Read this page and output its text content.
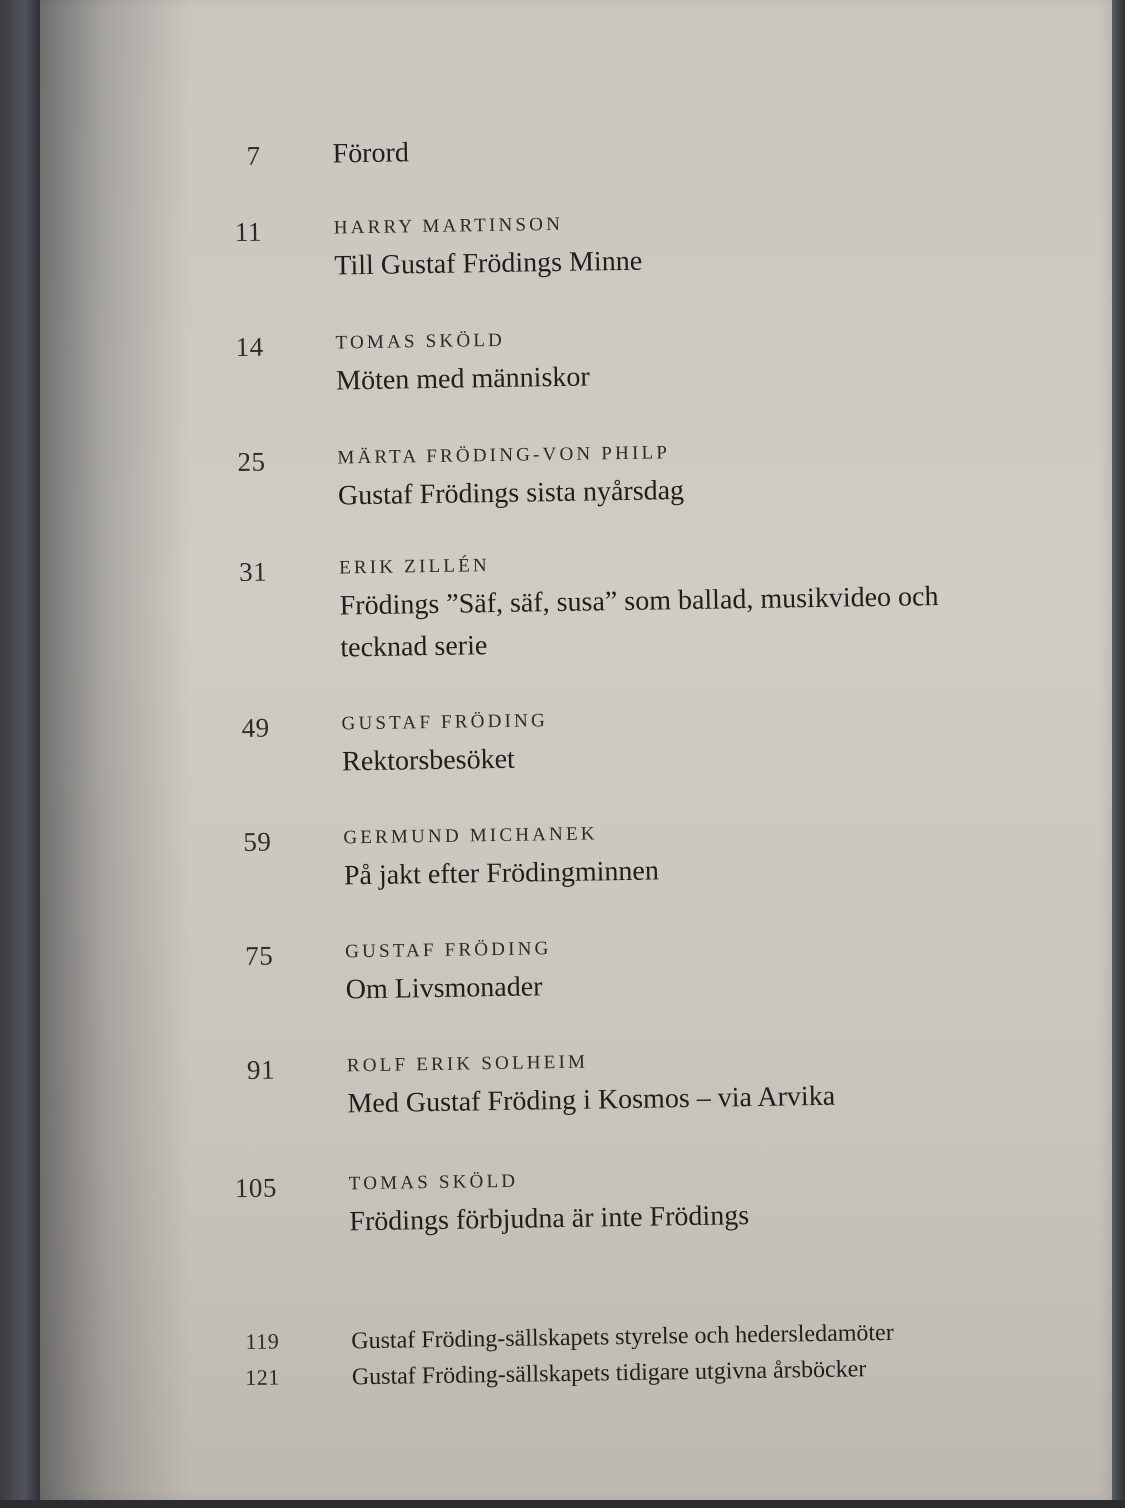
7	Förord
11	HARRY MARTINSON
Till Gustaf Frödings Minne
14	TOMAS SKÖLD
Möten med människor
25	MÄRTA FRÖDING-VON PHILP
Gustaf Frödings sista nyårsdag
31	ERIK ZILLÉN
Frödings ”Säf, säf, susa” som ballad, musikvideo och tecknad serie
49	GUSTAF FRÖDING
Rektorsbesöket
59	GERMUND MICHANEK
På jakt efter Frödingminnen
75	GUSTAF FRÖDING
Om Livsmonader
91	ROLF ERIK SOLHEIM
Med Gustaf Fröding i Kosmos – via Arvika
105	TOMAS SKÖLD
Frödings förbjudna är inte Frödings
119	Gustaf Fröding-sällskapets styrelse och hedersledamöter
121	Gustaf Fröding-sällskapets tidigare utgivna årsböcker
